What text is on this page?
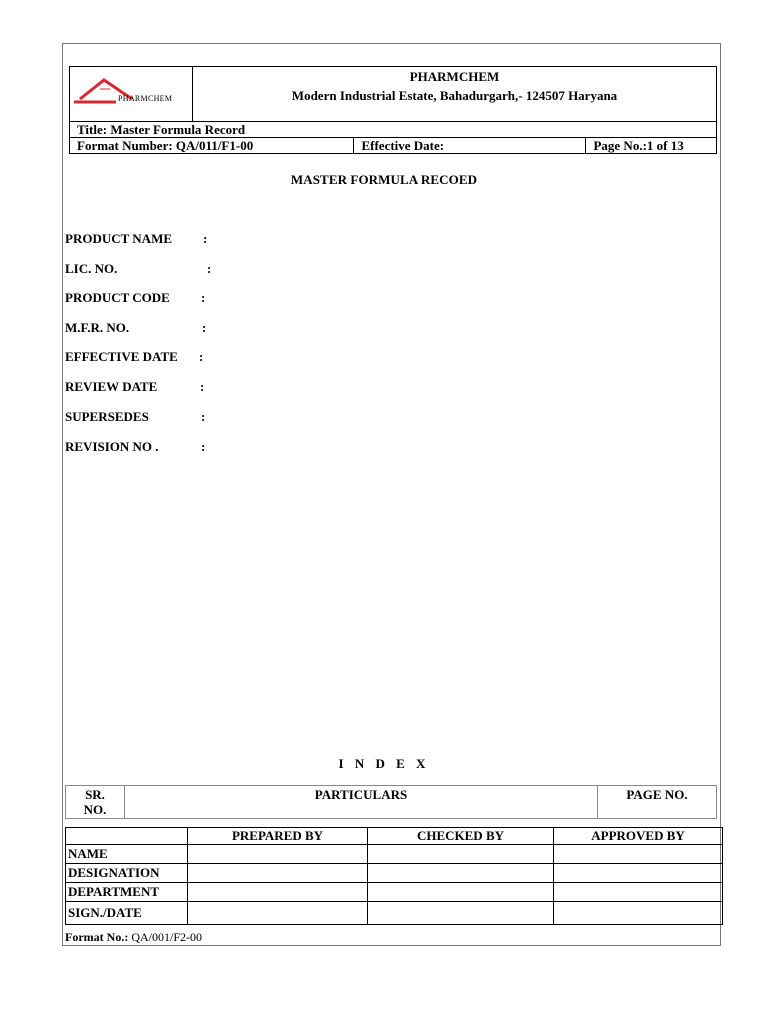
PHARMCHEM	PHARMCHEM
Modern Industrial Estate, Bahadurgarh,- 124507 Haryana		

Title: Master Formula Record			
Format Number: QA/011/F1-00		Effective Date:	Page No.:1 of 13
MASTER FORMULA RECOED
PRODUCT NAME :
LIC. NO.	:
PRODUCT CODE :
M.F.R. NO.	:
EFFECTIVE DATE :
REVIEW DATE	:
SUPERSEDES	:
REVISION NO .	:
I N D E X
SR.
NO.	PARTICULARS	PAGE NO.
	PREPARED BY	CHECKED BY	APPROVED BY
NAME			
DESIGNATION			
DEPARTMENT			
SIGN./DATE			
Format No.: QA/001/F2-00
